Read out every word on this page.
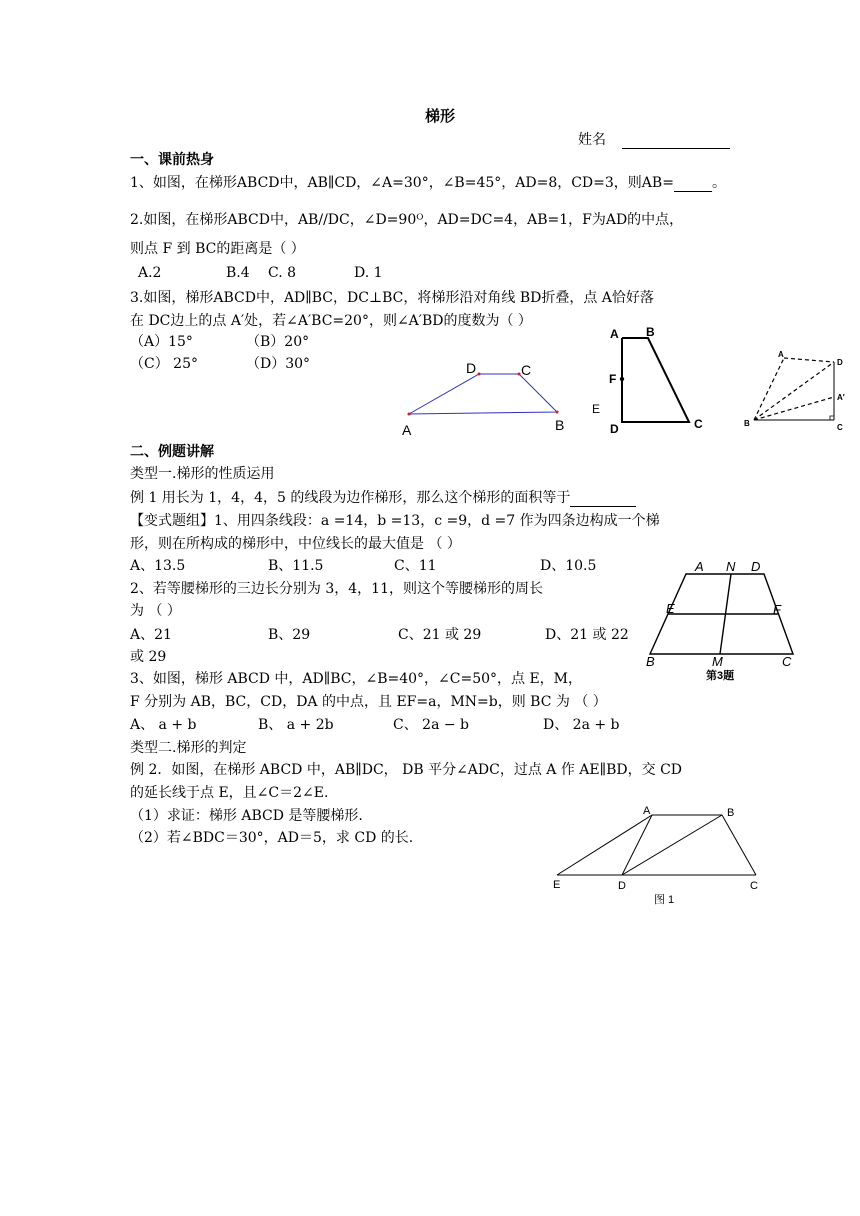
梯形
姓名
一、课前热身
1、如图，在梯形ABCD中，AB∥CD，∠A=30°，∠B=45°，AD=8，CD=3，则AB=	。
2.如图，在梯形ABCD中，AB//DC，∠D=90ᴼ，AD=DC=4，AB=1，F为AD的中点，
则点 F 到 BC的距离是（ ）
A.2	B.4 C. 8	D. 1
3.如图，梯形ABCD中，AD∥BC，DC⊥BC，将梯形沿对角线 BD折叠，点 A恰好落
在 DC边上的点 A′处，若∠A′BC=20°，则∠A′BD的度数为（ ）
（A）15°	（B）20°
（C） 25°	（D）30°
A	B
C
D
A B
C
D
F
E
A
D
A′
B	C
二、例题讲解
类型一.梯形的性质运用
例 1 用长为 1，4，4，5 的线段为边作梯形，那么这个梯形的面积等于
【变式题组】1、用四条线段：a =14，b =13，c =9，d =7 作为四条边构成一个梯
形，则在所构成的梯形中，中位线长的最大值是 （ ）
A、13.5	B、11.5	C、11	D、10.5
2、若等腰梯形的三边长分别为 3，4，11，则这个等腰梯形的周长
为 （ ）
A、21	B、29	C、21 或 29	D、21 或 22
或 29
3、如图，梯形 ABCD 中，AD∥BC，∠B=40°，∠C=50°，点 E，M，
F 分别为 AB，BC，CD，DA 的中点，且 EF=a，MN=b，则 BC 为 （ ）
A、 a + b	B、 a + 2b	C、 2a − b	D、 2a + b
类型二.梯形的判定
例 2．如图，在梯形 ABCD 中，AB∥DC， DB 平分∠ADC，过点 A 作 AE∥BD，交 CD
的延长线于点 E，且∠C＝2∠E.
（1）求证：梯形 ABCD 是等腰梯形.
（2）若∠BDC＝30°，AD＝5，求 CD 的长.
A N D
E	F
B	M	C
第3题
A	B
E	D	C
图 1
